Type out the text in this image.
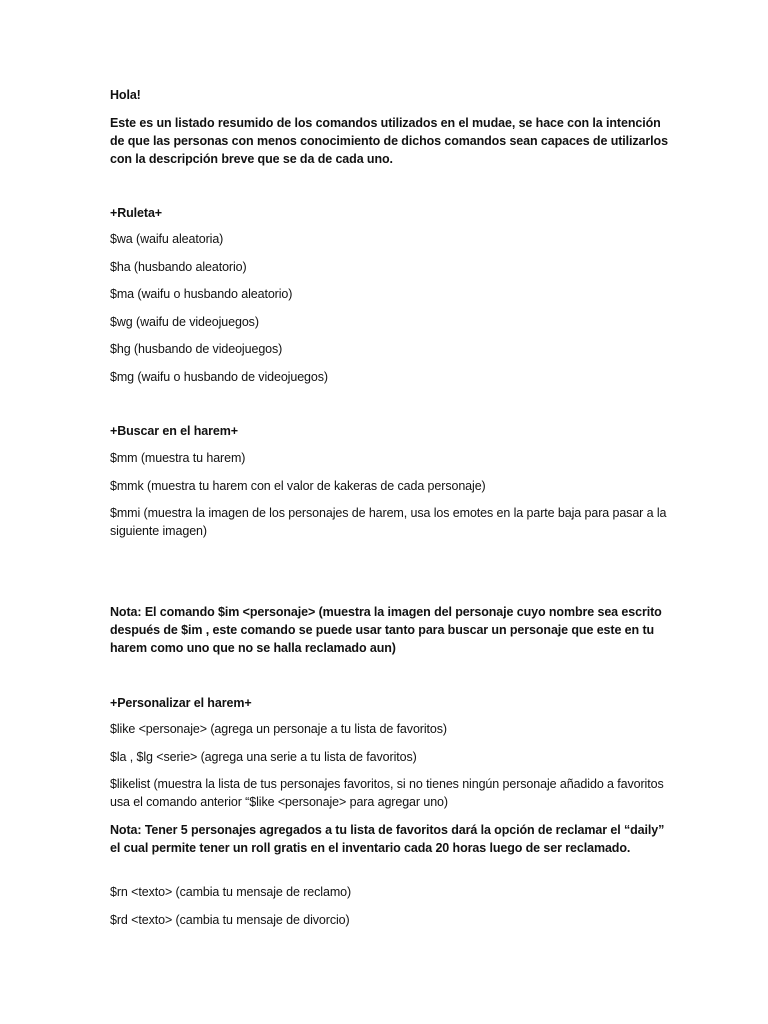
Hola!
Este es un listado resumido de los comandos utilizados en el mudae, se hace con la intención de que las personas con menos conocimiento de dichos comandos sean capaces de utilizarlos con la descripción breve que se da de cada uno.
+Ruleta+
$wa (waifu aleatoria)
$ha (husbando aleatorio)
$ma (waifu o husbando aleatorio)
$wg (waifu de videojuegos)
$hg (husbando de videojuegos)
$mg (waifu o husbando de videojuegos)
+Buscar en el harem+
$mm (muestra tu harem)
$mmk (muestra tu harem con el valor de kakeras de cada personaje)
$mmi (muestra la imagen de los personajes de harem, usa los emotes en la parte baja para pasar a la siguiente imagen)
Nota: El comando $im <personaje> (muestra la imagen del personaje cuyo nombre sea escrito después de $im , este comando se puede usar tanto para buscar un personaje que este en tu harem como uno que no se halla reclamado aun)
+Personalizar el harem+
$like <personaje> (agrega un personaje a tu lista de favoritos)
$la , $lg <serie> (agrega una serie a tu lista de favoritos)
$likelist (muestra la lista de tus personajes favoritos, si no tienes ningún personaje añadido a favoritos usa el comando anterior “$like <personaje> para agregar uno)
Nota: Tener 5 personajes agregados a tu lista de favoritos dará la opción de reclamar el “daily” el cual permite tener un roll gratis en el inventario cada 20 horas luego de ser reclamado.
$rn <texto> (cambia tu mensaje de reclamo)
$rd <texto> (cambia tu mensaje de divorcio)
